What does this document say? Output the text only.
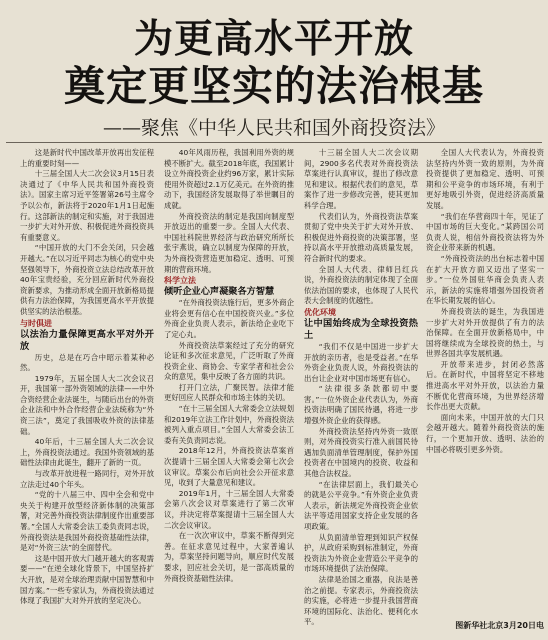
为更高水平开放
奠定更坚实的法治根基
——聚焦《中华人民共和国外商投资法》

这是新时代中国改革开放再出发征程上的重要时刻——

十三届全国人大二次会议3月15日表决通过了《中华人民共和国外商投资法》。国家主席习近平签署第26号主席令予以公布，新法将于2020年1月1日起施行。这部新法的制定和实施，对于我国进一步扩大对外开放、积极促进外商投资具有重要意义。

“中国开放的大门不会关闭，只会越开越大。”在以习近平同志为核心的党中央坚强领导下，外商投资立法总结改革开放40年宝贵经验，充分回应新时代外商投资新要求，为推动形成全面开放新格局提供有力法治保障，为我国更高水平开放提供坚实的法治根基。

与时俱进

以法治力量保障更高水平对外开放

历史，总是在巧合中昭示着某种必然。

1979年，五届全国人大二次会议召开，我国第一部外资领域的法律——中外合资经营企业法诞生，与随后出台的外资企业法和中外合作经营企业法统称为“外资三法”，奠定了我国吸收外资的法律基础。

40年后，十三届全国人大二次会议上，外商投资法通过。我国外资领域的基础性法律由此诞生，翻开了新的一页。

与改革开放进程一路同行，对外开放立法走过40个年头。

“党的十八届三中、四中全会和党中央关于构建开放型经济新体制的决策部署，对完善外商投资法律制度作出重要部署。”全国人大常委会法工委负责同志说，外商投资法是我国外商投资基础性法律，是对“外资三法”的全面替代。

这是中国开放大门越开越大的客观需要——“在逆全球化背景下，中国坚持扩大开放，是对全球治理贡献中国智慧和中国方案。”一些专家认为，外商投资法通过体现了我国扩大对外开放的坚定决心。

40年风雨历程，我国利用外资的规模不断扩大。截至2018年底，我国累计设立外商投资企业约96万家，累计实际使用外资超过2.1万亿美元。在外资的推动下，我国经济发展取得了举世瞩目的成就。

外商投资法的制定是我国向制度型开放迈出的重要一步。全国人大代表、中国社科院世界经济与政治研究所所长张宇燕说，确立以制度为保障的开放，为外商投资营造更加稳定、透明、可预期的营商环境。

科学立法

倾听企业心声凝聚各方智慧

“在外商投资法施行后，更多外商企业将会更有信心在中国投资兴业。”多位外商企业负责人表示，新法给企业吃下了定心丸。

外商投资法草案经过了充分的研究论证和多次征求意见，广泛听取了外商投资企业、商协会、专家学者和社会公众的意见，集中反映了各方面的共识。

打开门立法，广聚民智。法律才能更好回应人民群众和市场主体的关切。

“在十三届全国人大常委会立法规划和2019年立法工作计划中，外商投资法被列入重点项目。”全国人大常委会法工委有关负责同志说。

2018年12月，外商投资法草案首次提请十三届全国人大常委会第七次会议审议。草案公布后向社会公开征求意见，收到了大量意见和建议。

2019年1月，十三届全国人大常委会第八次会议对草案进行了第二次审议，并决定将草案提请十三届全国人大二次会议审议。

在一次次审议中，草案不断得到完善。在征求意见过程中，大家普遍认为，草案坚持问题导向，顺应时代发展要求，回应社会关切，是一部高质量的外商投资基础性法律。

十三届全国人大二次会议期间，2900多名代表对外商投资法草案进行认真审议，提出了修改意见和建议。根据代表们的意见，草案作了进一步修改完善，使其更加科学合理。

代表们认为，外商投资法草案贯彻了党中央关于扩大对外开放、积极促进外商投资的决策部署，坚持以高水平开放推动高质量发展，符合新时代的要求。

全国人大代表、律师吕红兵说，外商投资法的制定体现了全面依法治国的要求，也体现了人民代表大会制度的优越性。

优化环境

让中国始终成为全球投资热土

“我们不仅是中国进一步扩大开放的亲历者，也是受益者。”在华外资企业负责人说，外商投资法的出台让企业对中国市场更有信心。

“法律很多条款都切中要害。”一位外资企业代表认为，外商投资法明确了国民待遇，将进一步增强外资企业的获得感。

外商投资法坚持内外资一致原则，对外商投资实行准入前国民待遇加负面清单管理制度，保护外国投资者在中国境内的投资、收益和其他合法权益。

“在法律层面上，我们最关心的就是公平竞争。”有外资企业负责人表示，新法规定外商投资企业依法平等适用国家支持企业发展的各项政策。

从负面清单管理到知识产权保护，从政府采购到标准制定，外商投资法为外资企业营造公平竞争的市场环境提供了法治保障。

法律是治国之重器，良法是善治之前提。专家表示，外商投资法的实施，必将进一步提升我国营商环境的国际化、法治化、便利化水平。

全国人大代表认为，外商投资法坚持内外资一致的原则，为外商投资提供了更加稳定、透明、可预期和公平竞争的市场环境，有利于更好地吸引外资，促进经济高质量发展。

“我们在华营商四十年，见证了中国市场的巨大变化。”某跨国公司负责人说，相信外商投资法将为外资企业带来新的机遇。

“外商投资法的出台标志着中国在扩大开放方面又迈出了坚实一步。”一位外国驻华商会负责人表示，新法的实施将增强外国投资者在华长期发展的信心。

外商投资法的诞生，为我国进一步扩大对外开放提供了有力的法治保障。在全面开放新格局中，中国将继续成为全球投资的热土，与世界各国共享发展机遇。

开放带来进步，封闭必然落后。在新时代，中国将坚定不移地推进高水平对外开放，以法治力量不断优化营商环境，为世界经济增长作出更大贡献。

面向未来，中国开放的大门只会越开越大。随着外商投资法的施行，一个更加开放、透明、法治的中国必将吸引更多外资。

图新华社北京3月20日电
